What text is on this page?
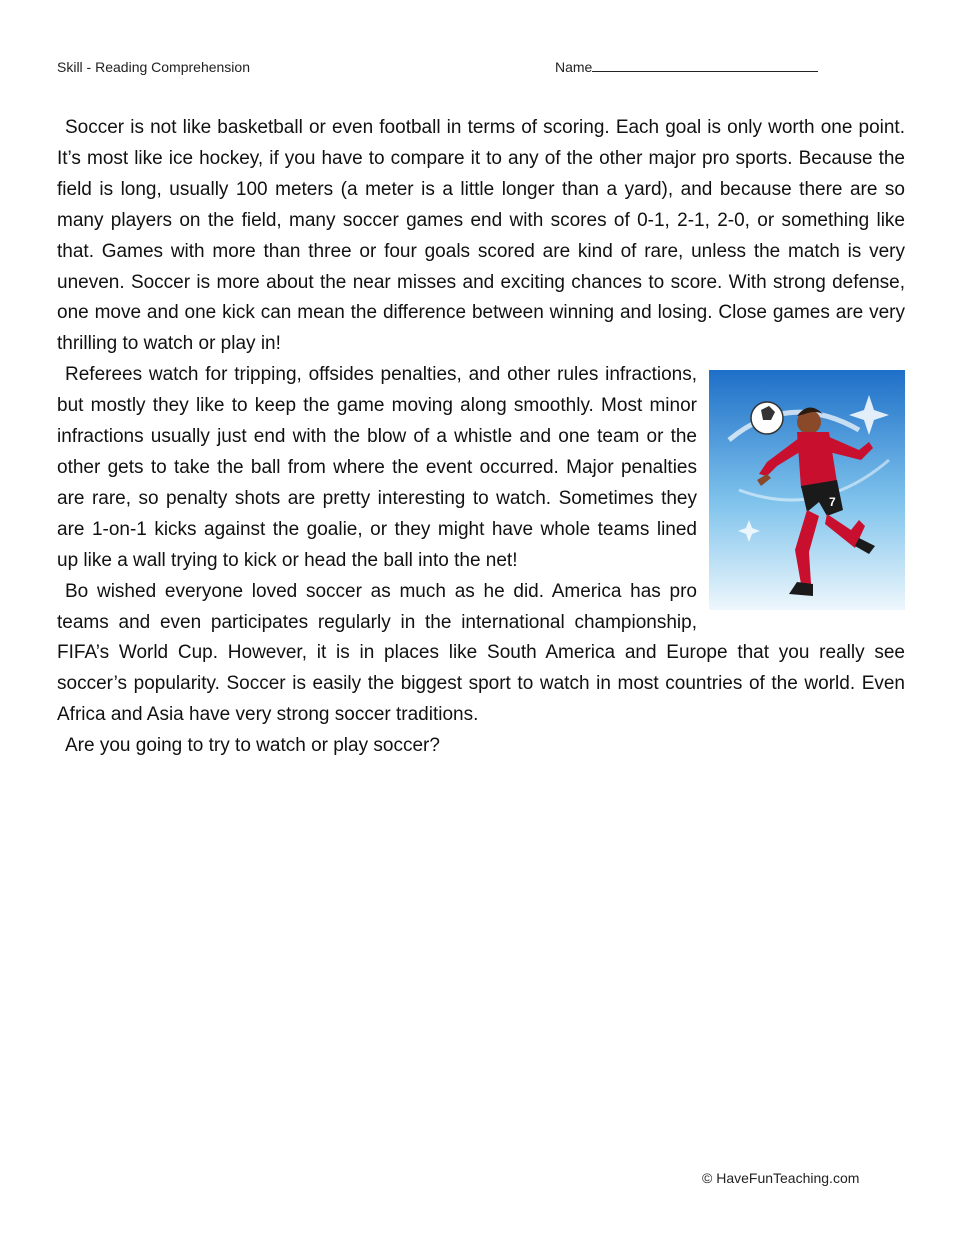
Skill - Reading Comprehension	Name

Soccer is not like basketball or even football in terms of scoring. Each goal is only worth one point. It’s most like ice hockey, if you have to compare it to any of the other major pro sports. Because the field is long, usually 100 meters (a meter is a little longer than a yard), and because there are so many players on the field, many soccer games end with scores of 0-1, 2-1, 2-0, or something like that. Games with more than three or four goals scored are kind of rare, unless the match is very uneven. Soccer is more about the near misses and exciting chances to score. With strong defense, one move and one kick can mean the difference between winning and losing. Close games are very thrilling to watch or play in!

7

Referees watch for tripping, offsides penalties, and other rules infractions, but mostly they like to keep the game moving along smoothly. Most minor infractions usually just end with the blow of a whistle and one team or the other gets to take the ball from where the event occurred. Major penalties are rare, so penalty shots are pretty interesting to watch. Sometimes they are 1-on-1 kicks against the goalie, or they might have whole teams lined up like a wall trying to kick or head the ball into the net!

Bo wished everyone loved soccer as much as he did. America has pro teams and even participates regularly in the international championship, FIFA’s World Cup. However, it is in places like South America and Europe that you really see soccer’s popularity. Soccer is easily the biggest sport to watch in most countries of the world. Even Africa and Asia have very strong soccer traditions.

Are you going to try to watch or play soccer?

© HaveFunTeaching.com
